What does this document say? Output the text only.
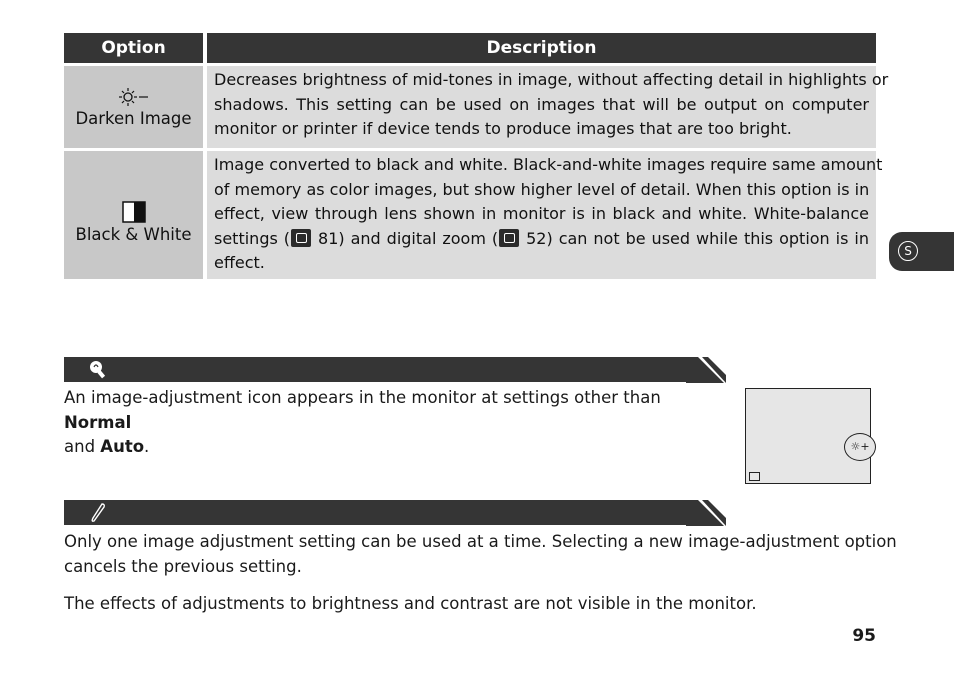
Option	Description
Darken Image
Decreases brightness of mid-tones in image, without affecting detail in highlights or
shadows. This setting can be used on images that will be output on computer
monitor or printer if device tends to produce images that are too bright.
Black & White
Image converted to black and white. Black-and-white images require same amount
of memory as color images, but show higher level of detail. When this option is in
effect, view through lens shown in monitor is in black and white. White-balance
settings ( 81) and digital zoom ( 52) can not be used while this option is in
effect.
An image-adjustment icon appears in the monitor at settings other than Normal
and Auto.	☼+
Only one image adjustment setting can be used at a time. Selecting a new image-adjustment option
cancels the previous setting.
The effects of adjustments to brightness and contrast are not visible in the monitor.
S
95
